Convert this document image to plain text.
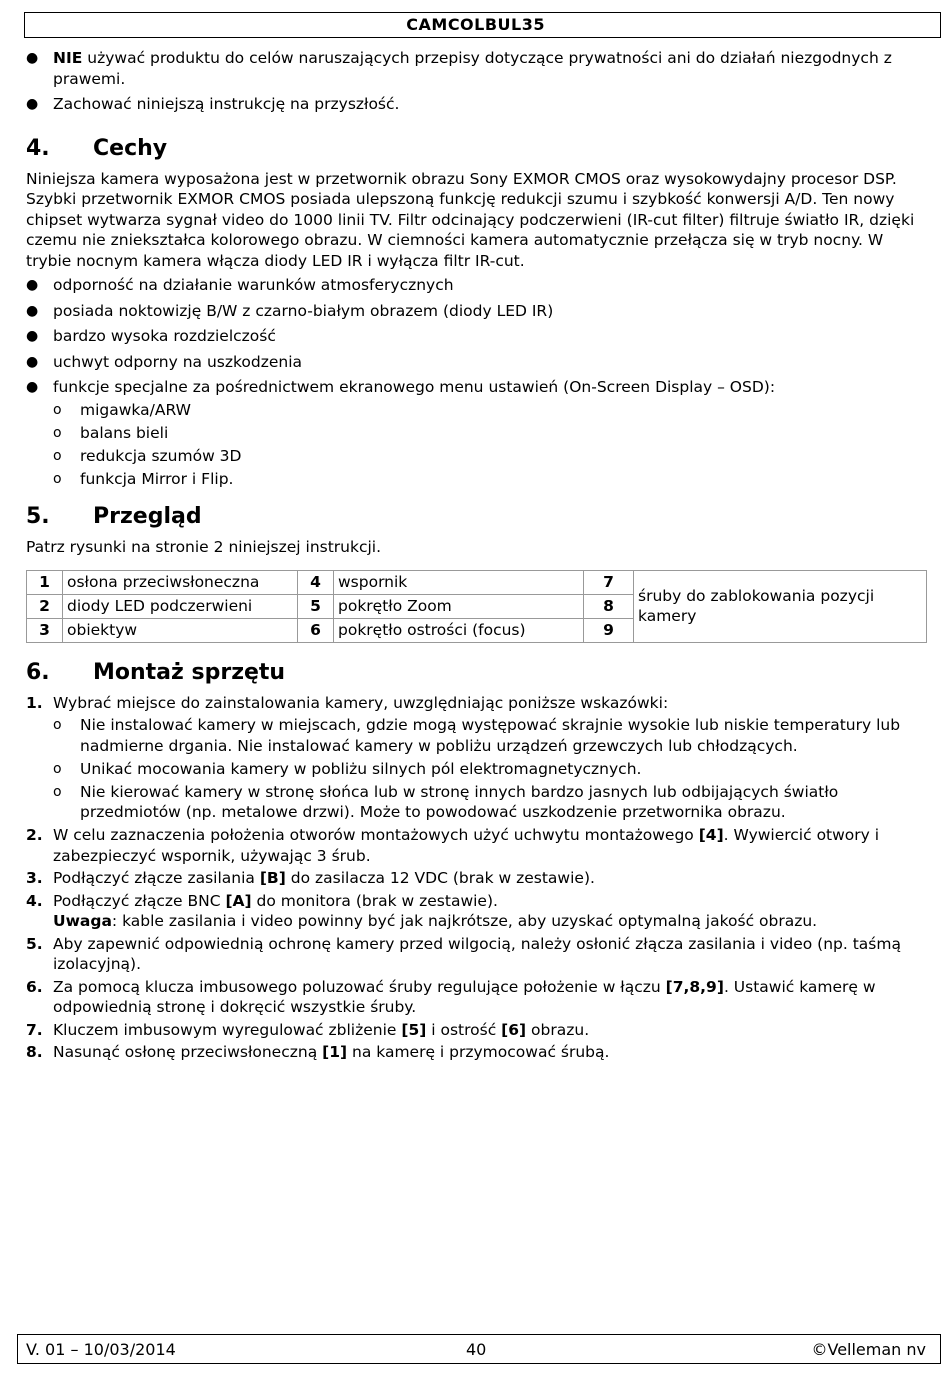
CAMCOLBUL35
● NIE używać produktu do celów naruszających przepisy dotyczące prywatności ani do działań niezgodnych z prawemi.
● Zachować niniejszą instrukcję na przyszłość.
4.	Cechy

Niniejsza kamera wyposażona jest w przetwornik obrazu Sony EXMOR CMOS oraz wysokowydajny procesor DSP. Szybki przetwornik EXMOR CMOS posiada ulepszoną funkcję redukcji szumu i szybkość konwersji A/D. Ten nowy chipset wytwarza sygnał video do 1000 linii TV. Filtr odcinający podczerwieni (IR-cut filter) filtruje światło IR, dzięki czemu nie zniekształca kolorowego obrazu. W ciemności kamera automatycznie przełącza się w tryb nocny. W trybie nocnym kamera włącza diody LED IR i wyłącza filtr IR-cut.

● odporność na działanie warunków atmosferycznych
● posiada noktowizję B/W z czarno-białym obrazem (diody LED IR)
● bardzo wysoka rozdzielczość
● uchwyt odporny na uszkodzenia
● funkcje specjalne za pośrednictwem ekranowego menu ustawień (On-Screen Display – OSD):
o migawka/ARW
o balans bieli
o redukcja szumów 3D
o funkcja Mirror i Flip.
5.	Przegląd

Patrz rysunki na stronie 2 niniejszej instrukcji.

1	osłona przeciwsłoneczna	4	wspornik	7	śruby do zablokowania pozycji kamery
2	diody LED podczerwieni	5	pokrętło Zoom	8	
3	obiektyw	6	pokrętło ostrości (focus)	9	
6.	Montaż sprzętu
1. Wybrać miejsce do zainstalowania kamery, uwzględniając poniższe wskazówki:
o Nie instalować kamery w miejscach, gdzie mogą występować skrajnie wysokie lub niskie temperatury lub nadmierne drgania. Nie instalować kamery w pobliżu urządzeń grzewczych lub chłodzących.
o Unikać mocowania kamery w pobliżu silnych pól elektromagnetycznych.
o Nie kierować kamery w stronę słońca lub w stronę innych bardzo jasnych lub odbijających światło przedmiotów (np. metalowe drzwi). Może to powodować uszkodzenie przetwornika obrazu.
2. W celu zaznaczenia położenia otworów montażowych użyć uchwytu montażowego [4]. Wywiercić otwory i zabezpieczyć wspornik, używając 3 śrub.
3. Podłączyć złącze zasilania [B] do zasilacza 12 VDC (brak w zestawie).
4. Podłączyć złącze BNC [A] do monitora (brak w zestawie).
Uwaga: kable zasilania i video powinny być jak najkrótsze, aby uzyskać optymalną jakość obrazu.
5. Aby zapewnić odpowiednią ochronę kamery przed wilgocią, należy osłonić złącza zasilania i video (np. taśmą izolacyjną).
6. Za pomocą klucza imbusowego poluzować śruby regulujące położenie w łączu [7,8,9]. Ustawić kamerę w odpowiednią stronę i dokręcić wszystkie śruby.
7. Kluczem imbusowym wyregulować zbliżenie [5] i ostrość [6] obrazu.
8. Nasunąć osłonę przeciwsłoneczną [1] na kamerę i przymocować śrubą.
V. 01 – 10/03/2014	40	©Velleman nv
